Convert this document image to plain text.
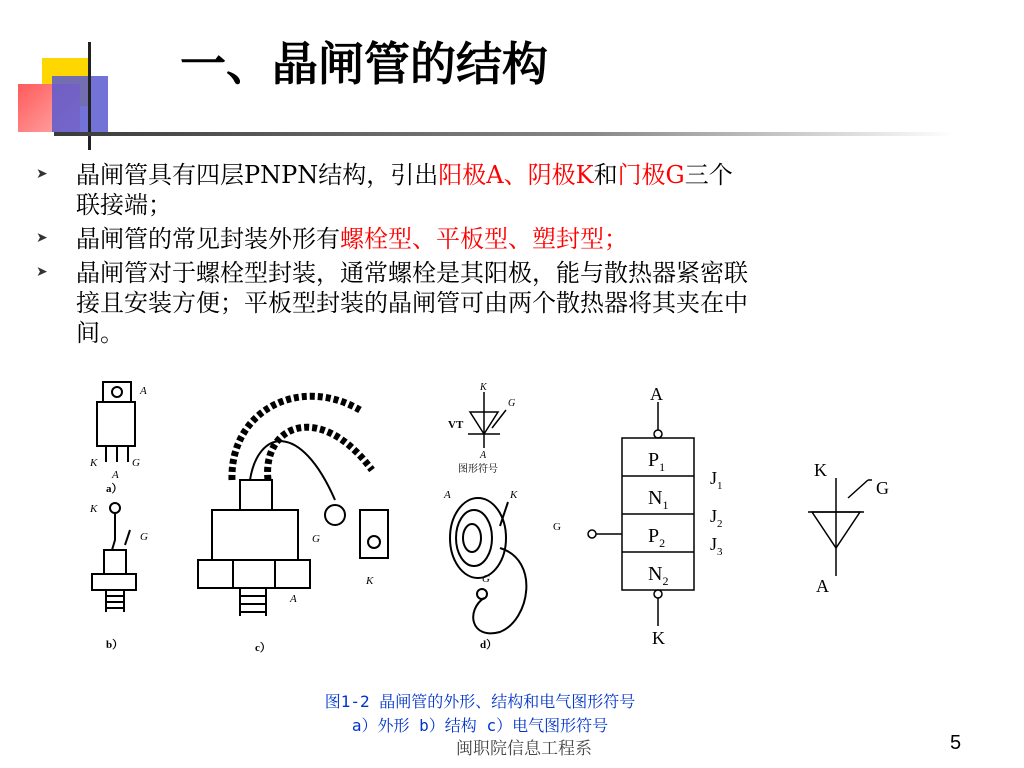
一、晶闸管的结构
➤	晶闸管具有四层PNPN结构，引出阳极A、阴极K和门极G三个联接端；
➤	晶闸管的常见封装外形有螺栓型、平板型、塑封型；
➤	晶闸管对于螺栓型封装，通常螺栓是其阳极，能与散热器紧密联接且安装方便；平板型封装的晶闸管可由两个散热器将其夹在中间。
A
K	G
A
a）
K
G
b）
G
K
A
c）
K
G
VT
A
图形符号
A	K
G
d）
A
K
G
$P_1$
$N_1$
$P_2$
$N_2$
$J_1$
$J_2$
$J_3$
K
G
A
图1-2 晶闸管的外形、结构和电气图形符号
a）外形 b）结构 c）电气图形符号
闽职院信息工程系	5
